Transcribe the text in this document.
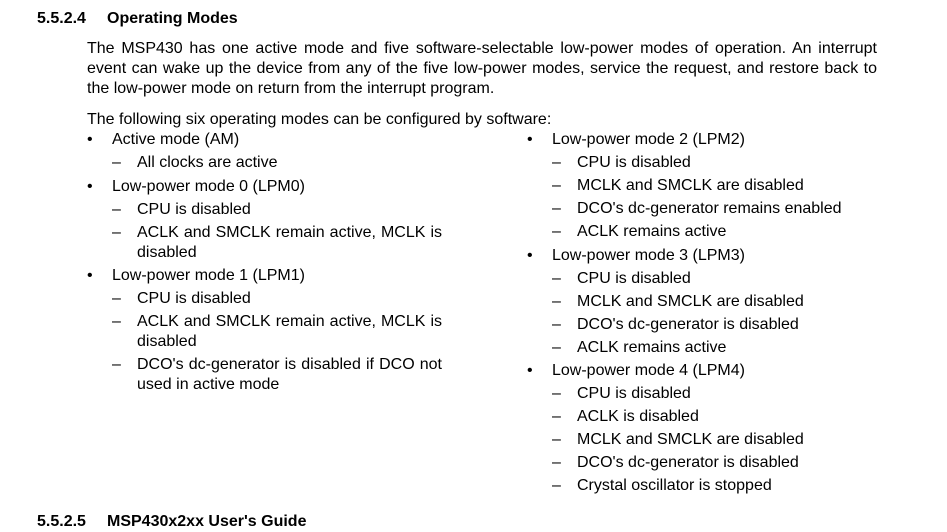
5.5.2.4 Operating Modes

The MSP430 has one active mode and five software-selectable low-power modes of operation. An interrupt event can wake up the device from any of the five low-power modes, service the request, and restore back to the low-power mode on return from the interrupt program.

The following six operating modes can be configured by software:

•	Active mode (AM)
– All clocks are active
•	Low-power mode 0 (LPM0)
– CPU is disabled
– ACLK and SMCLK remain active, MCLK is disabled
•	Low-power mode 1 (LPM1)
– CPU is disabled
– ACLK and SMCLK remain active, MCLK is disabled
– DCO's dc-generator is disabled if DCO not used in active mode
•	Low-power mode 2 (LPM2)
– CPU is disabled
– MCLK and SMCLK are disabled
– DCO's dc-generator remains enabled
– ACLK remains active
•	Low-power mode 3 (LPM3)
– CPU is disabled
– MCLK and SMCLK are disabled
– DCO's dc-generator is disabled
– ACLK remains active
•	Low-power mode 4 (LPM4)
– CPU is disabled
– ACLK is disabled
– MCLK and SMCLK are disabled
– DCO's dc-generator is disabled
– Crystal oscillator is stopped
5.5.2.5 MSP430x2xx User's Guide
